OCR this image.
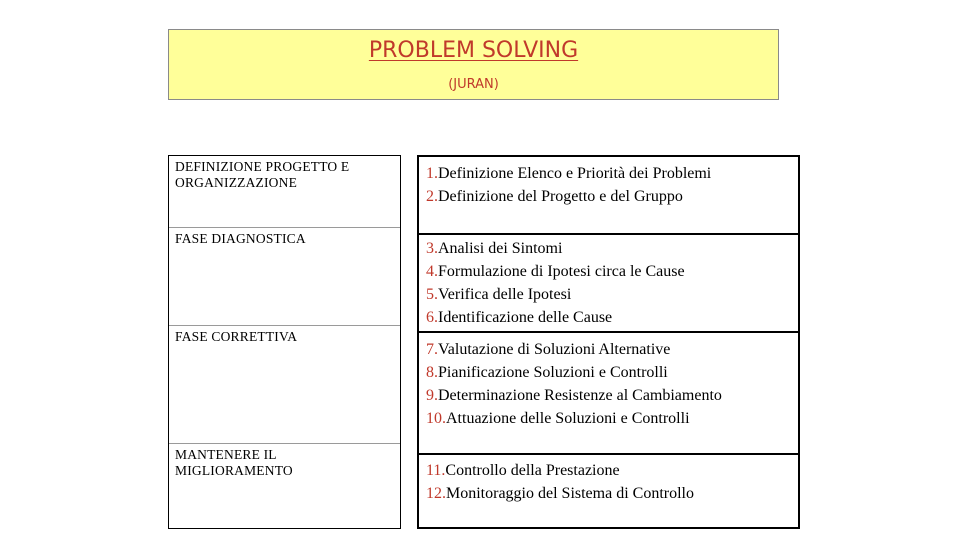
PROBLEM SOLVING
(JURAN)
DEFINIZIONE PROGETTO E ORGANIZZAZIONE
FASE DIAGNOSTICA
FASE CORRETTIVA
MANTENERE IL MIGLIORAMENTO
1.Definizione Elenco e Priorità dei Problemi
2.Definizione del Progetto e del Gruppo
3.Analisi dei Sintomi
4.Formulazione di Ipotesi circa le Cause
5.Verifica delle Ipotesi
6.Identificazione delle Cause
7.Valutazione di Soluzioni Alternative
8.Pianificazione Soluzioni e Controlli
9.Determinazione Resistenze al Cambiamento
10.Attuazione delle Soluzioni e Controlli
11.Controllo della Prestazione
12.Monitoraggio del Sistema di Controllo
